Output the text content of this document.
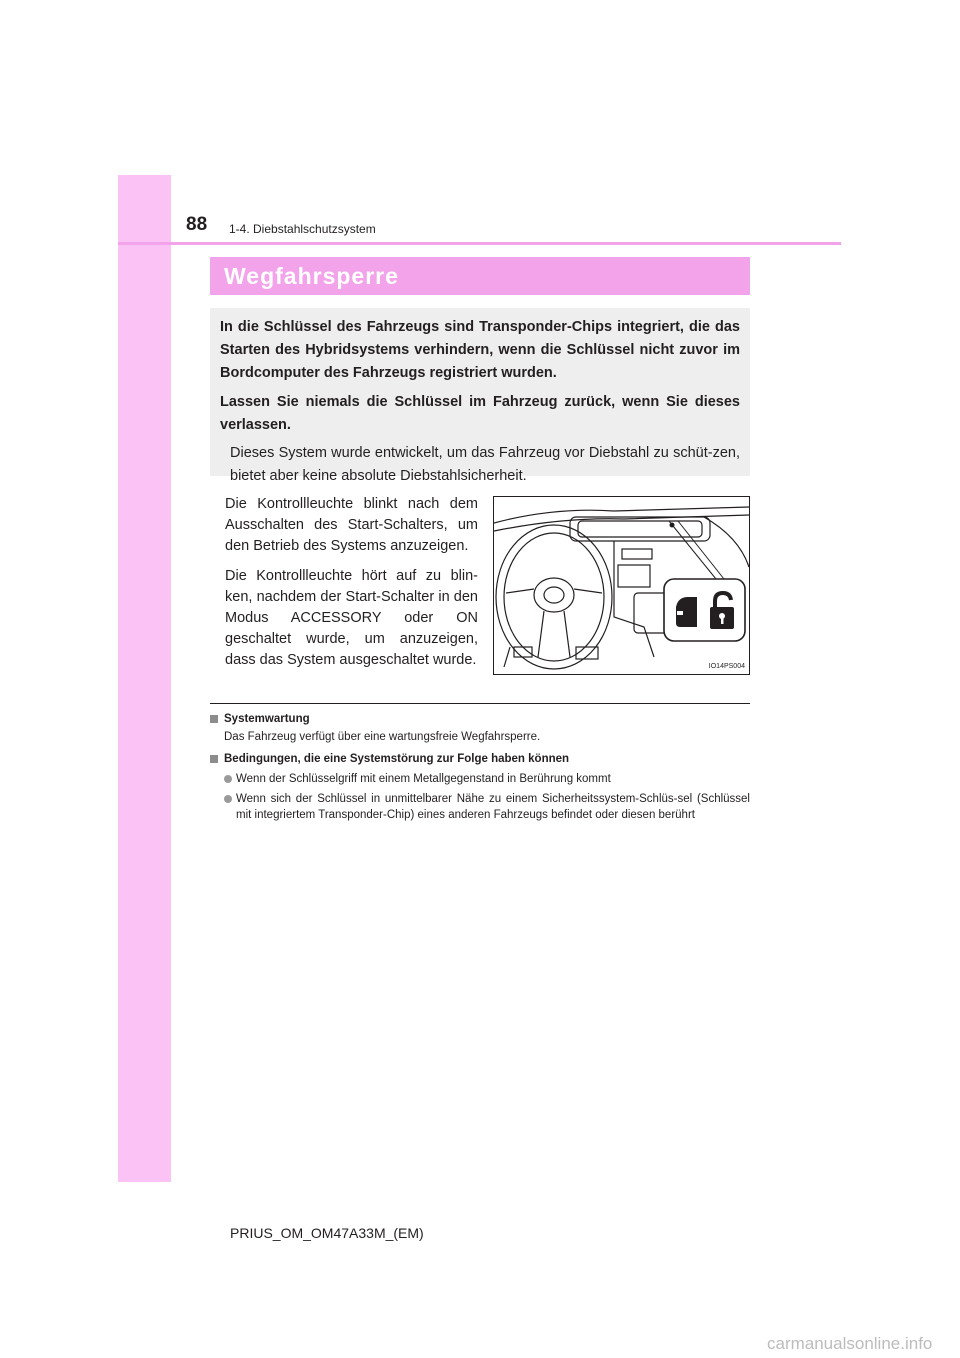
88 1-4. Diebstahlschutzsystem
Wegfahrsperre

In die Schlüssel des Fahrzeugs sind Transponder-Chips integriert, die das Starten des Hybridsystems verhindern, wenn die Schlüssel nicht zuvor im Bordcomputer des Fahrzeugs registriert wurden.

Lassen Sie niemals die Schlüssel im Fahrzeug zurück, wenn Sie dieses verlassen.

Dieses System wurde entwickelt, um das Fahrzeug vor Diebstahl zu schüt-zen, bietet aber keine absolute Diebstahlsicherheit.

Die Kontrollleuchte blinkt nach dem Ausschalten des Start-Schalters, um den Betrieb des Systems anzuzeigen.

Die Kontrollleuchte hört auf zu blin-ken, nachdem der Start-Schalter in den Modus ACCESSORY oder ON geschaltet wurde, um anzuzeigen, dass das System ausgeschaltet wurde.	IO14PS004

Systemwartung

Das Fahrzeug verfügt über eine wartungsfreie Wegfahrsperre.

Bedingungen, die eine Systemstörung zur Folge haben können

Wenn der Schlüsselgriff mit einem Metallgegenstand in Berührung kommt

Wenn sich der Schlüssel in unmittelbarer Nähe zu einem Sicherheitssystem-Schlüs-sel (Schlüssel mit integriertem Transponder-Chip) eines anderen Fahrzeugs befindet oder diesen berührt

PRIUS_OM_OM47A33M_(EM)
carmanualsonline.info
